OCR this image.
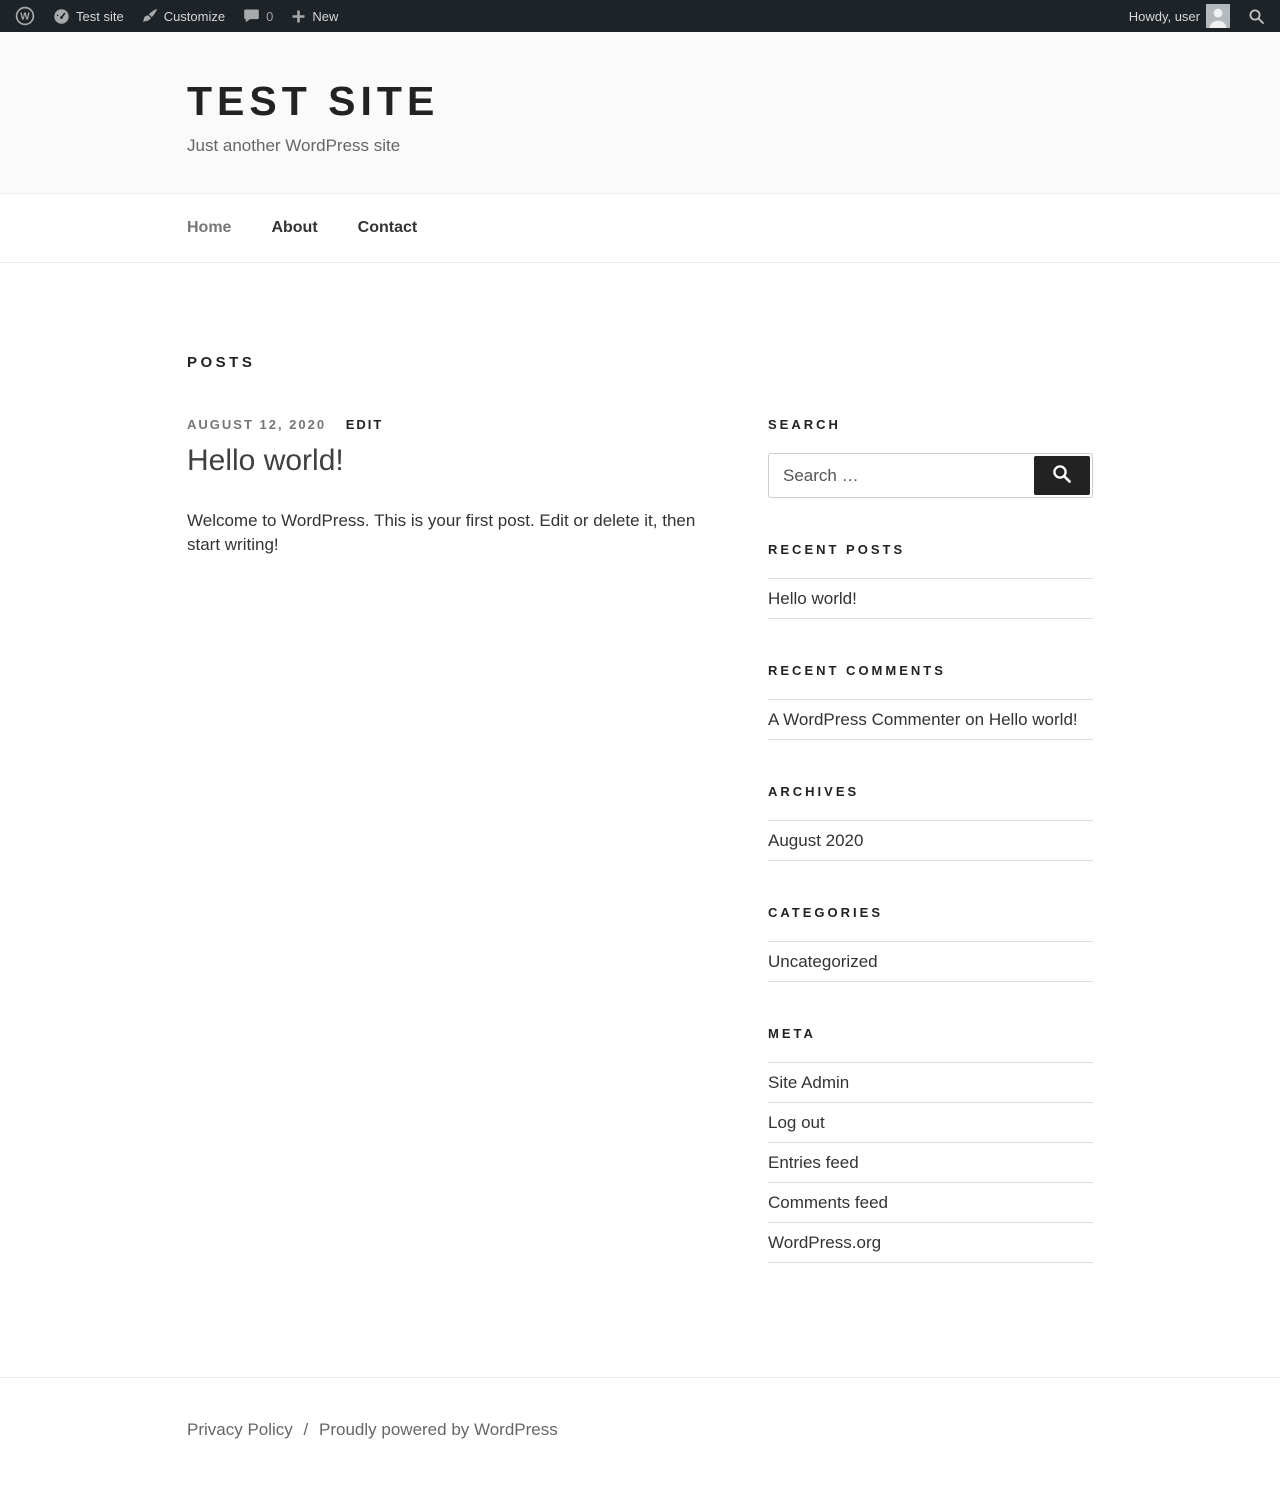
W	Test site	Customize	0	New	Howdy, user
TEST SITE

Just another WordPress site

Home	About	Contact
POSTS
AUGUST 12, 2020 EDIT
Hello world!

Welcome to WordPress. This is your first post. Edit or delete it, then start writing!

SEARCH
Search …
RECENT POSTS
Hello world!
RECENT COMMENTS
A WordPress Commenter on Hello world!
ARCHIVES
August 2020
CATEGORIES
Uncategorized
META
Site Admin
Log out
Entries feed
Comments feed
WordPress.org
Privacy Policy / Proudly powered by WordPress
